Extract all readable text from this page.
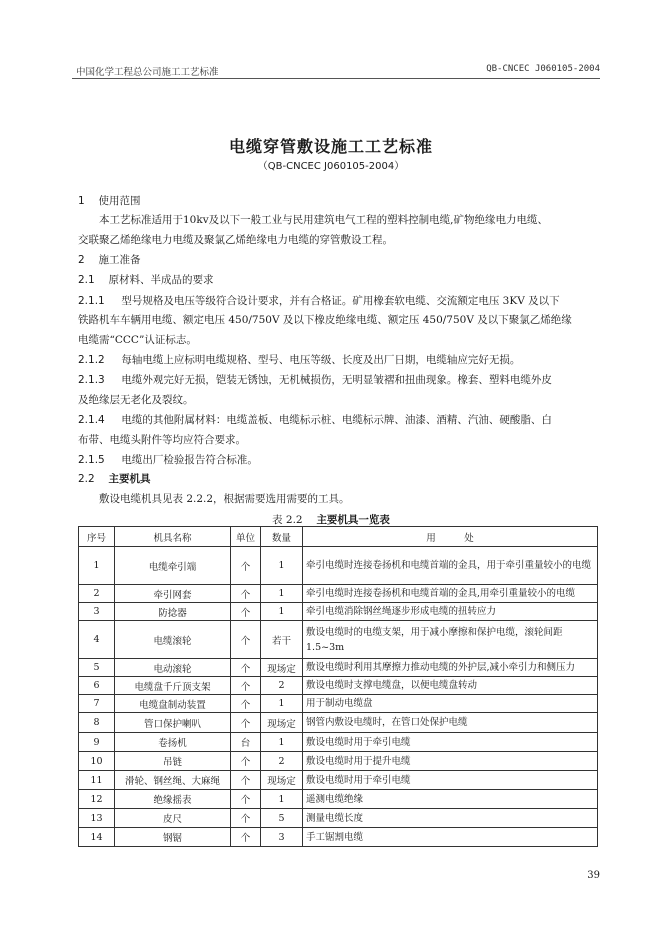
中国化学工程总公司施工工艺标准	QB-CNCEC J060105-2004
电缆穿管敷设施工工艺标准
（QB-CNCEC J060105-2004）
1　 使用范围
本工艺标准适用于10kv及以下一般工业与民用建筑电气工程的塑料控制电缆,矿物绝缘电力电缆、
交联聚乙烯绝缘电力电缆及聚氯乙烯绝缘电力电缆的穿管敷设工程。
2　 施工准备
2.1　 原材料、半成品的要求
2.1.1 型号规格及电压等级符合设计要求，并有合格证。矿用橡套软电缆、交流额定电压 3KV 及以下
铁路机车车辆用电缆、额定电压 450/750V 及以下橡皮绝缘电缆、额定压 450/750V 及以下聚氯乙烯绝缘
电缆需“CCC”认证标志。
2.1.2 每轴电缆上应标明电缆规格、型号、电压等级、长度及出厂日期，电缆轴应完好无损。
2.1.3 电缆外观完好无损，铠装无锈蚀，无机械损伤，无明显皱褶和扭曲现象。橡套、塑料电缆外皮
及绝缘层无老化及裂纹。
2.1.4 电缆的其他附属材料：电缆盖板、电缆标示桩、电缆标示牌、油漆、酒精、汽油、硬酸脂、白
布带、电缆头附件等均应符合要求。
2.1.5 电缆出厂检验报告符合标准。
2.2　 主要机具
敷设电缆机具见表 2.2.2，根据需要选用需要的工具。
表 2.2　 主要机具一览表
序号	机具名称	单位	数量	用　　　处
1	电缆牵引端	个	1	牵引电缆时连接卷扬机和电缆首端的金具，用于牵引重量较小的电缆
2	牵引网套	个	1	牵引电缆时连接卷扬机和电缆首端的金具,用牵引重量较小的电缆
3	防捻器	个	1	牵引电缆消除钢丝绳逐步形成电缆的扭转应力
4	电缆滚轮	个	若干	敷设电缆时的电缆支架，用于减小摩擦和保护电缆，滚轮间距1.5~3m
5	电动滚轮	个	现场定	敷设电缆时利用其摩擦力推动电缆的外护层,减小牵引力和侧压力
6	电缆盘千斤顶支架	个	2	敷设电缆时支撑电缆盘，以便电缆盘转动
7	电缆盘制动装置	个	1	用于制动电缆盘
8	管口保护喇叭	个	现场定	钢管内敷设电缆时，在管口处保护电缆
9	卷扬机	台	1	敷设电缆时用于牵引电缆
10	吊链	个	2	敷设电缆时用于提升电缆
11	滑轮、钢丝绳、大麻绳	个	现场定	敷设电缆时用于牵引电缆
12	绝缘摇表	个	1	遥测电缆绝缘
13	皮尺	个	5	测量电缆长度
14	钢锯	个	3	手工锯割电缆
39
